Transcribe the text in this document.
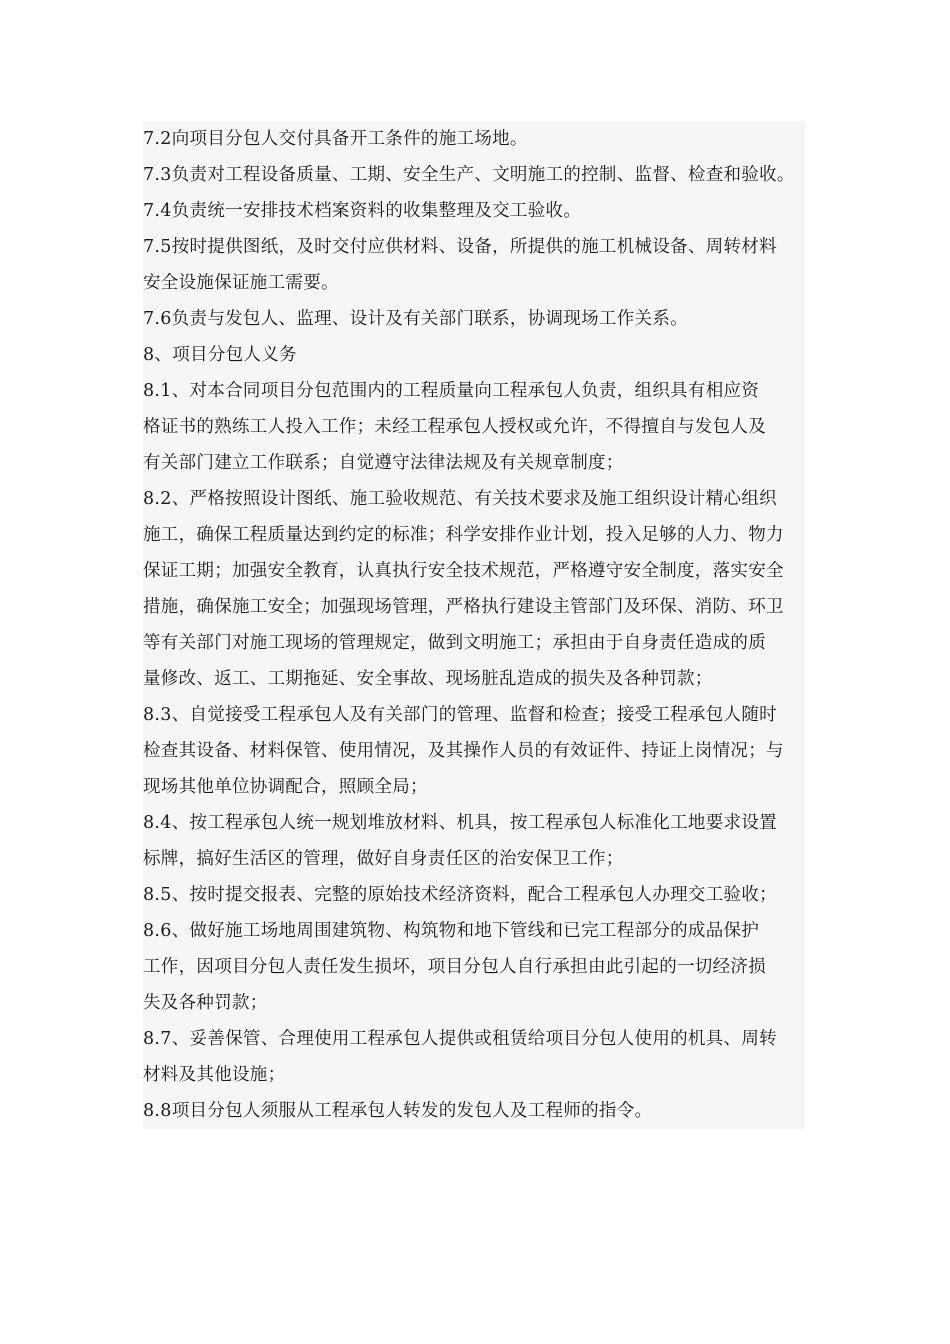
7.2向项目分包人交付具备开工条件的施工场地。
7.3负责对工程设备质量、工期、安全生产、文明施工的控制、监督、检查和验收。
7.4负责统一安排技术档案资料的收集整理及交工验收。
7.5按时提供图纸，及时交付应供材料、设备，所提供的施工机械设备、周转材料
安全设施保证施工需要。
7.6负责与发包人、监理、设计及有关部门联系，协调现场工作关系。
8、项目分包人义务
8.1、对本合同项目分包范围内的工程质量向工程承包人负责，组织具有相应资
格证书的熟练工人投入工作；未经工程承包人授权或允许，不得擅自与发包人及
有关部门建立工作联系；自觉遵守法律法规及有关规章制度；
8.2、严格按照设计图纸、施工验收规范、有关技术要求及施工组织设计精心组织
施工，确保工程质量达到约定的标准；科学安排作业计划，投入足够的人力、物力
保证工期；加强安全教育，认真执行安全技术规范，严格遵守安全制度，落实安全
措施，确保施工安全；加强现场管理，严格执行建设主管部门及环保、消防、环卫
等有关部门对施工现场的管理规定，做到文明施工；承担由于自身责任造成的质
量修改、返工、工期拖延、安全事故、现场脏乱造成的损失及各种罚款；
8.3、自觉接受工程承包人及有关部门的管理、监督和检查；接受工程承包人随时
检查其设备、材料保管、使用情况，及其操作人员的有效证件、持证上岗情况；与
现场其他单位协调配合，照顾全局；
8.4、按工程承包人统一规划堆放材料、机具，按工程承包人标准化工地要求设置
标牌，搞好生活区的管理，做好自身责任区的治安保卫工作；
8.5、按时提交报表、完整的原始技术经济资料，配合工程承包人办理交工验收；
8.6、做好施工场地周围建筑物、构筑物和地下管线和已完工程部分的成品保护
工作，因项目分包人责任发生损坏，项目分包人自行承担由此引起的一切经济损
失及各种罚款；
8.7、妥善保管、合理使用工程承包人提供或租赁给项目分包人使用的机具、周转
材料及其他设施；
8.8项目分包人须服从工程承包人转发的发包人及工程师的指令。
